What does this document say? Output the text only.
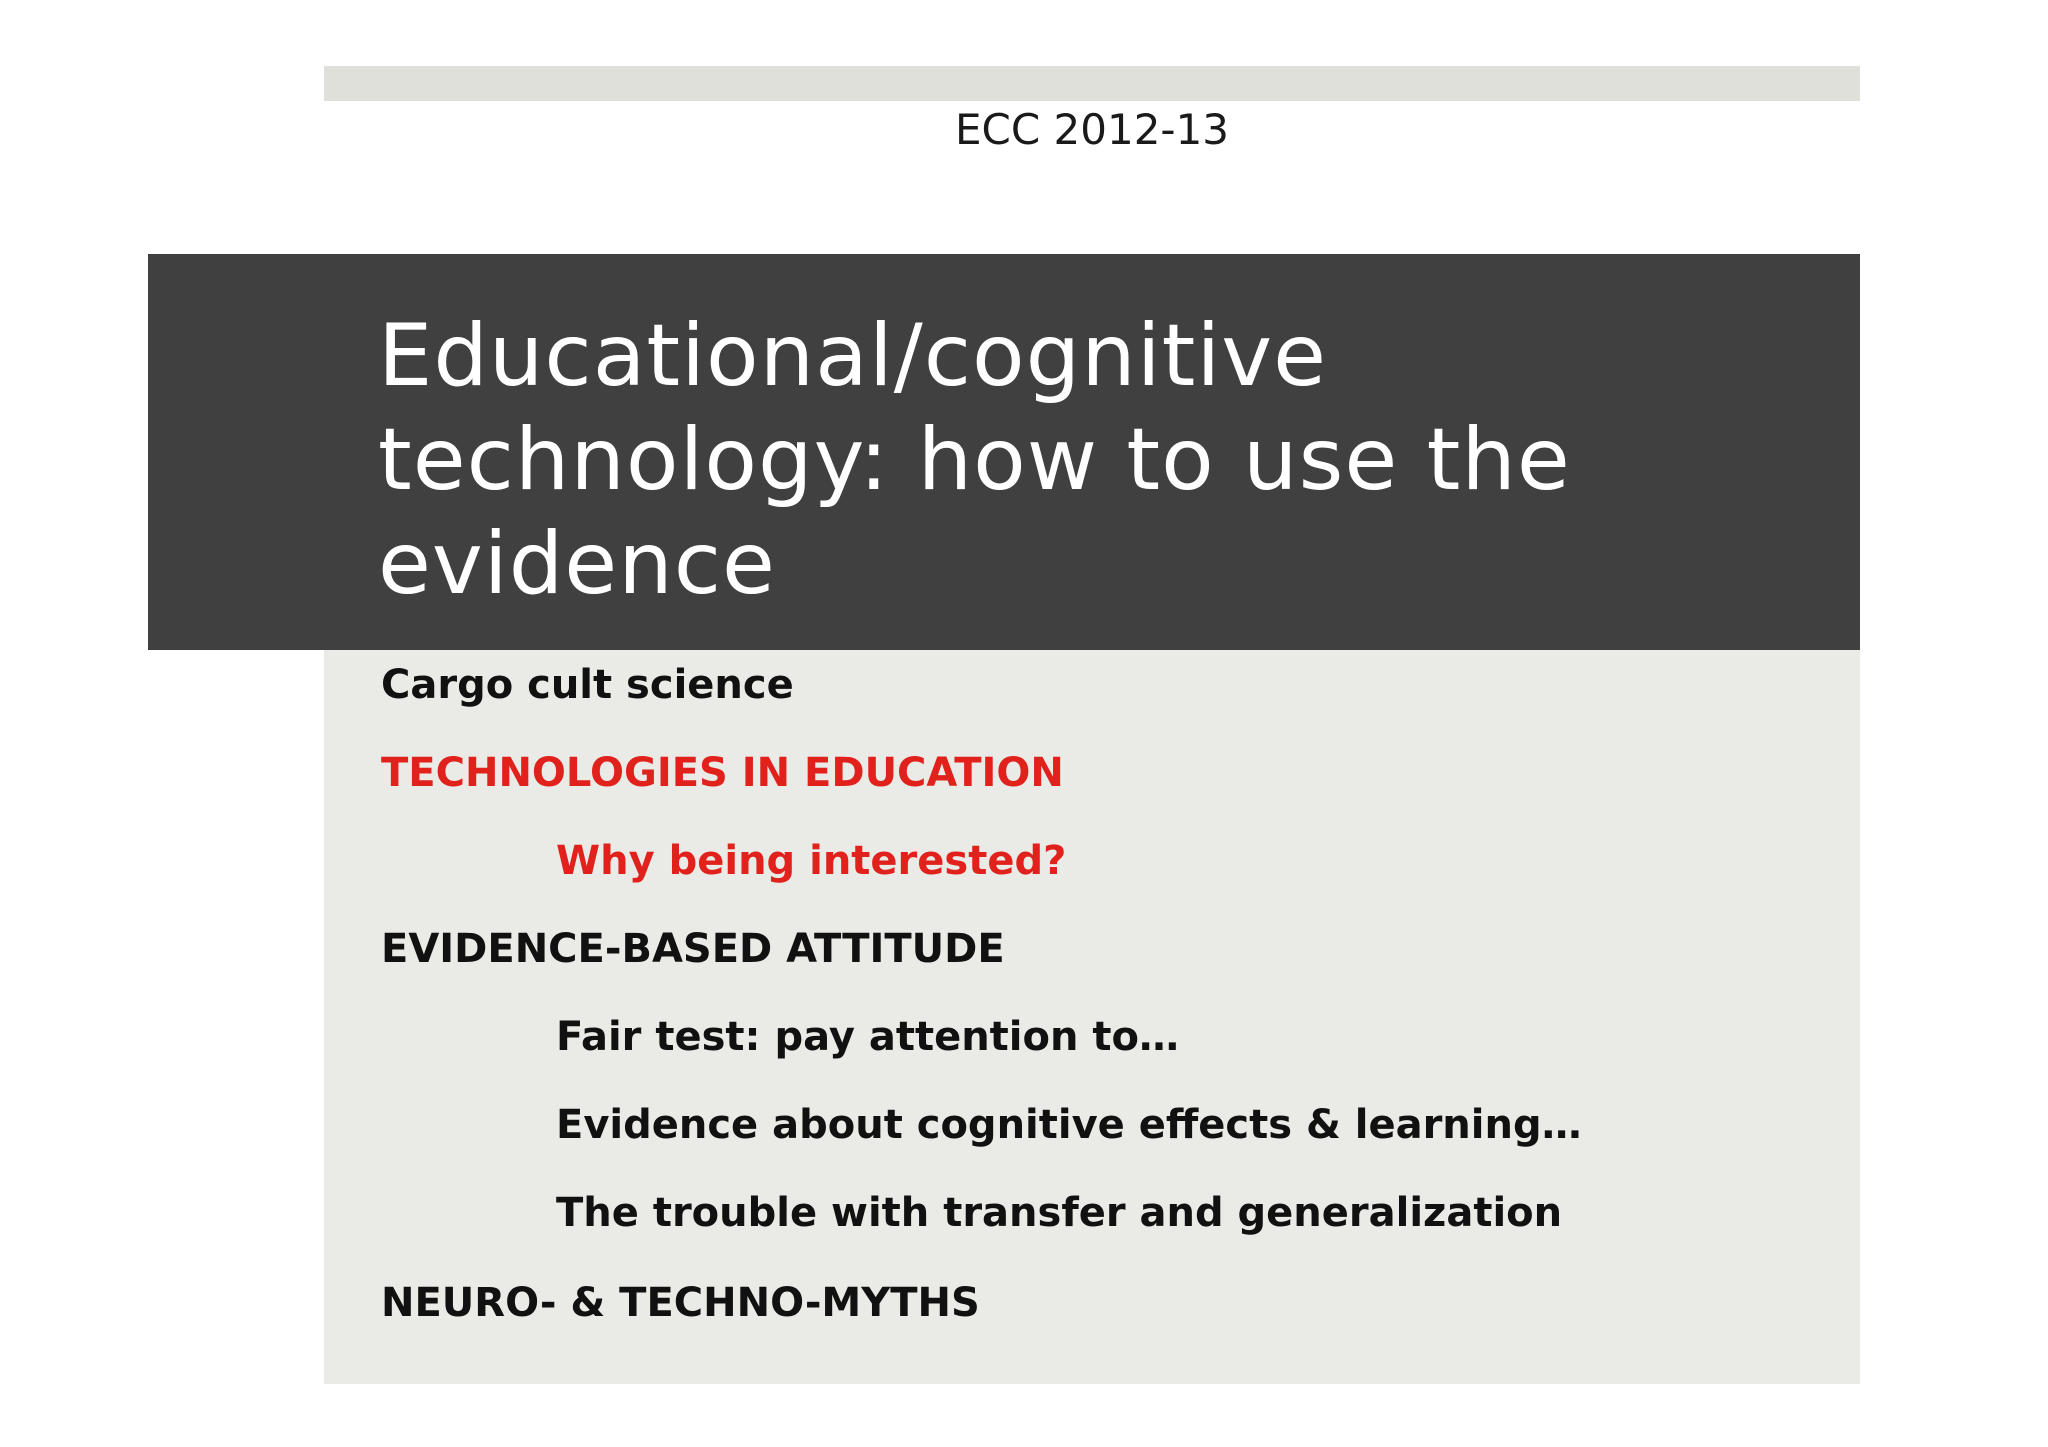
ECC 2012-13
Educational/cognitive
technology: how to use the
evidence
Cargo cult science
TECHNOLOGIES IN EDUCATION
Why being interested?
EVIDENCE-BASED ATTITUDE
Fair test: pay attention to…
Evidence about cognitive effects & learning…
The trouble with transfer and generalization
NEURO- & TECHNO-MYTHS
